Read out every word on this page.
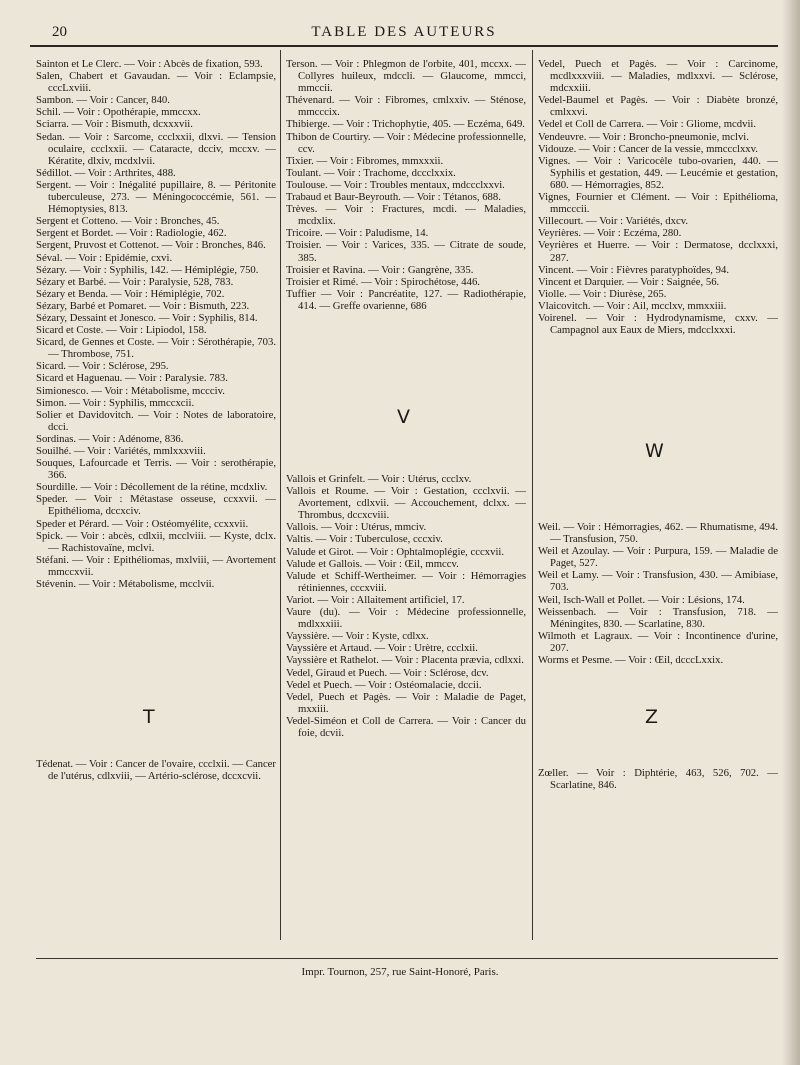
20	TABLE DES AUTEURS

Sainton et Le Clerc. — Voir : Abcès de fixation, 593.

Salen, Chabert et Gavaudan. — Voir : Eclampsie, cccLxviii.

Sambon. — Voir : Cancer, 840.

Schil. — Voir : Opothérapie, mmccxx.

Sciarra. — Voir : Bismuth, dcxxxvii.

Sedan. — Voir : Sarcome, ccclxxii, dlxvi. — Tension oculaire, ccclxxii. — Cataracte, dcciv, mccxv. — Kératite, dlxiv, mcdxlvii.

Sédillot. — Voir : Arthrites, 488.

Sergent. — Voir : Inégalité pupillaire, 8. — Péritonite tuberculeuse, 273. — Méningococcémie, 561. — Hémoptysies, 813.

Sergent et Cotteno. — Voir : Bronches, 45.

Sergent et Bordet. — Voir : Radiologie, 462.

Sergent, Pruvost et Cottenot. — Voir : Bronches, 846.

Séval. — Voir : Epidémie, cxvi.

Sézary. — Voir : Syphilis, 142. — Hémiplégie, 750.

Sézary et Barbé. — Voir : Paralysie, 528, 783.

Sézary et Benda. — Voir : Hémiplégie, 702.

Sézary, Barbé et Pomaret. — Voir : Bismuth, 223.

Sézary, Dessaint et Jonesco. — Voir : Syphilis, 814.

Sicard et Coste. — Voir : Lipiodol, 158.

Sicard, de Gennes et Coste. — Voir : Sérothérapie, 703. — Thrombose, 751.

Sicard. — Voir : Sclérose, 295.

Sicard et Haguenau. — Voir : Paralysie. 783.

Simionesco. — Voir : Métabolisme, mccciv.

Simon. — Voir : Syphilis, mmccxcii.

Solier et Davidovitch. — Voir : Notes de laboratoire, dcci.

Sordinas. — Voir : Adénome, 836.

Souilhé. — Voir : Variétés, mmlxxxviii.

Souques, Lafourcade et Terris. — Voir : serothérapie, 366.

Sourdille. — Voir : Décollement de la rétine, mcdxliv.

Speder. — Voir : Métastase osseuse, ccxxvii. — Epithélioma, dccxciv.

Speder et Pérard. — Voir : Ostéomyélite, ccxxvii.

Spick. — Voir : abcès, cdlxii, mcclviii. — Kyste, dclx. — Rachistovaïne, mclvi.

Stéfani. — Voir : Epithéliomas, mxlviii, — Avortement mmccxvii.

Stévenin. — Voir : Métabolisme, mcclvii.

T

Tédenat. — Voir : Cancer de l'ovaire, ccclxii. — Cancer de l'utérus, cdlxviii, — Artério-sclérose, dccxcvii.

Terson. — Voir : Phlegmon de l'orbite, 401, mccxx. — Collyres huileux, mdccli. — Glaucome, mmcci, mmccii.

Thévenard. — Voir : Fibromes, cmlxxiv. — Sténose, mmcccix.

Thibierge. — Voir : Trichophytie, 405. — Eczéma, 649.

Thibon de Courtiry. — Voir : Médecine professionnelle, ccv.

Tixier. — Voir : Fibromes, mmxxxii.

Toulant. — Voir : Trachome, dccclxxix.

Toulouse. — Voir : Troubles mentaux, mdccclxxvi.

Trabaud et Baur-Beyrouth. — Voir : Tétanos, 688.

Trèves. — Voir : Fractures, mcdi. — Maladies, mcdxlix.

Tricoire. — Voir : Paludisme, 14.

Troisier. — Voir : Varices, 335. — Citrate de soude, 385.

Troisier et Ravina. — Voir : Gangrène, 335.

Troisier et Rimé. — Voir : Spirochétose, 446.

Tuffier — Voir : Pancréatite, 127. — Radiothérapie, 414. — Greffe ovarienne, 686

V

Vallois et Grinfelt. — Voir : Utérus, ccclxv.

Vallois et Roume. — Voir : Gestation, ccclxvii. — Avortement, cdlxvii. — Accouchement, dclxx. — Thrombus, dccxcviii.

Vallois. — Voir : Utérus, mmciv.

Valtis. — Voir : Tuberculose, cccxiv.

Valude et Girot. — Voir : Ophtalmoplégie, cccxvii.

Valude et Gallois. — Voir : Œil, mmccv.

Valude et Schiff-Wertheimer. — Voir : Hémorragies rétiniennes, cccxviii.

Variot. — Voir : Allaitement artificiel, 17.

Vaure (du). — Voir : Médecine professionnelle, mdlxxxiii.

Vayssière. — Voir : Kyste, cdlxx.

Vayssière et Artaud. — Voir : Urètre, ccclxii.

Vayssière et Rathelot. — Voir : Placenta prævia, cdlxxi.

Vedel, Giraud et Puech. — Voir : Sclérose, dcv.

Vedel et Puech. — Voir : Ostéomalacie, dccii.

Vedel, Puech et Pagès. — Voir : Maladie de Paget, mxxiii.

Vedel-Siméon et Coll de Carrera. — Voir : Cancer du foie, dcvii.

Vedel, Puech et Pagès. — Voir : Carcinome, mcdlxxxviii. — Maladies, mdlxxvi. — Sclérose, mdcxxiii.

Vedel-Baumel et Pagès. — Voir : Diabète bronzé, cmlxxvi.

Vedel et Coll de Carrera. — Voir : Gliome, mcdvii.

Vendeuvre. — Voir : Broncho-pneumonie, mclvi.

Vidouze. — Voir : Cancer de la vessie, mmccclxxv.

Vignes. — Voir : Varicocèle tubo-ovarien, 440. — Syphilis et gestation, 449. — Leucémie et gestation, 680. — Hémorragies, 852.

Vignes, Fournier et Clément. — Voir : Epithélioma, mmcccii.

Villecourt. — Voir : Variétés, dxcv.

Veyrières. — Voir : Eczéma, 280.

Veyrières et Huerre. — Voir : Dermatose, dcclxxxi, 287.

Vincent. — Voir : Fièvres paratyphoïdes, 94.

Vincent et Darquier. — Voir : Saignée, 56.

Violle. — Voir : Diurèse, 265.

Vlaicovitch. — Voir : Ail, mcclxv, mmxxiii.

Voirenel. — Voir : Hydrodynamisme, cxxv. — Campagnol aux Eaux de Miers, mdcclxxxi.

W

Weil. — Voir : Hémorragies, 462. — Rhumatisme, 494. — Transfusion, 750.

Weil et Azoulay. — Voir : Purpura, 159. — Maladie de Paget, 527.

Weil et Lamy. — Voir : Transfusion, 430. — Amibiase, 703.

Weil, Isch-Wall et Pollet. — Voir : Lésions, 174.

Weissenbach. — Voir : Transfusion, 718. — Méningites, 830. — Scarlatine, 830.

Wilmoth et Lagraux. — Voir : Incontinence d'urine, 207.

Worms et Pesme. — Voir : Œil, dcccLxxix.

Z

Zœller. — Voir : Diphtérie, 463, 526, 702. — Scarlatine, 846.

Impr. Tournon, 257, rue Saint-Honoré, Paris.
